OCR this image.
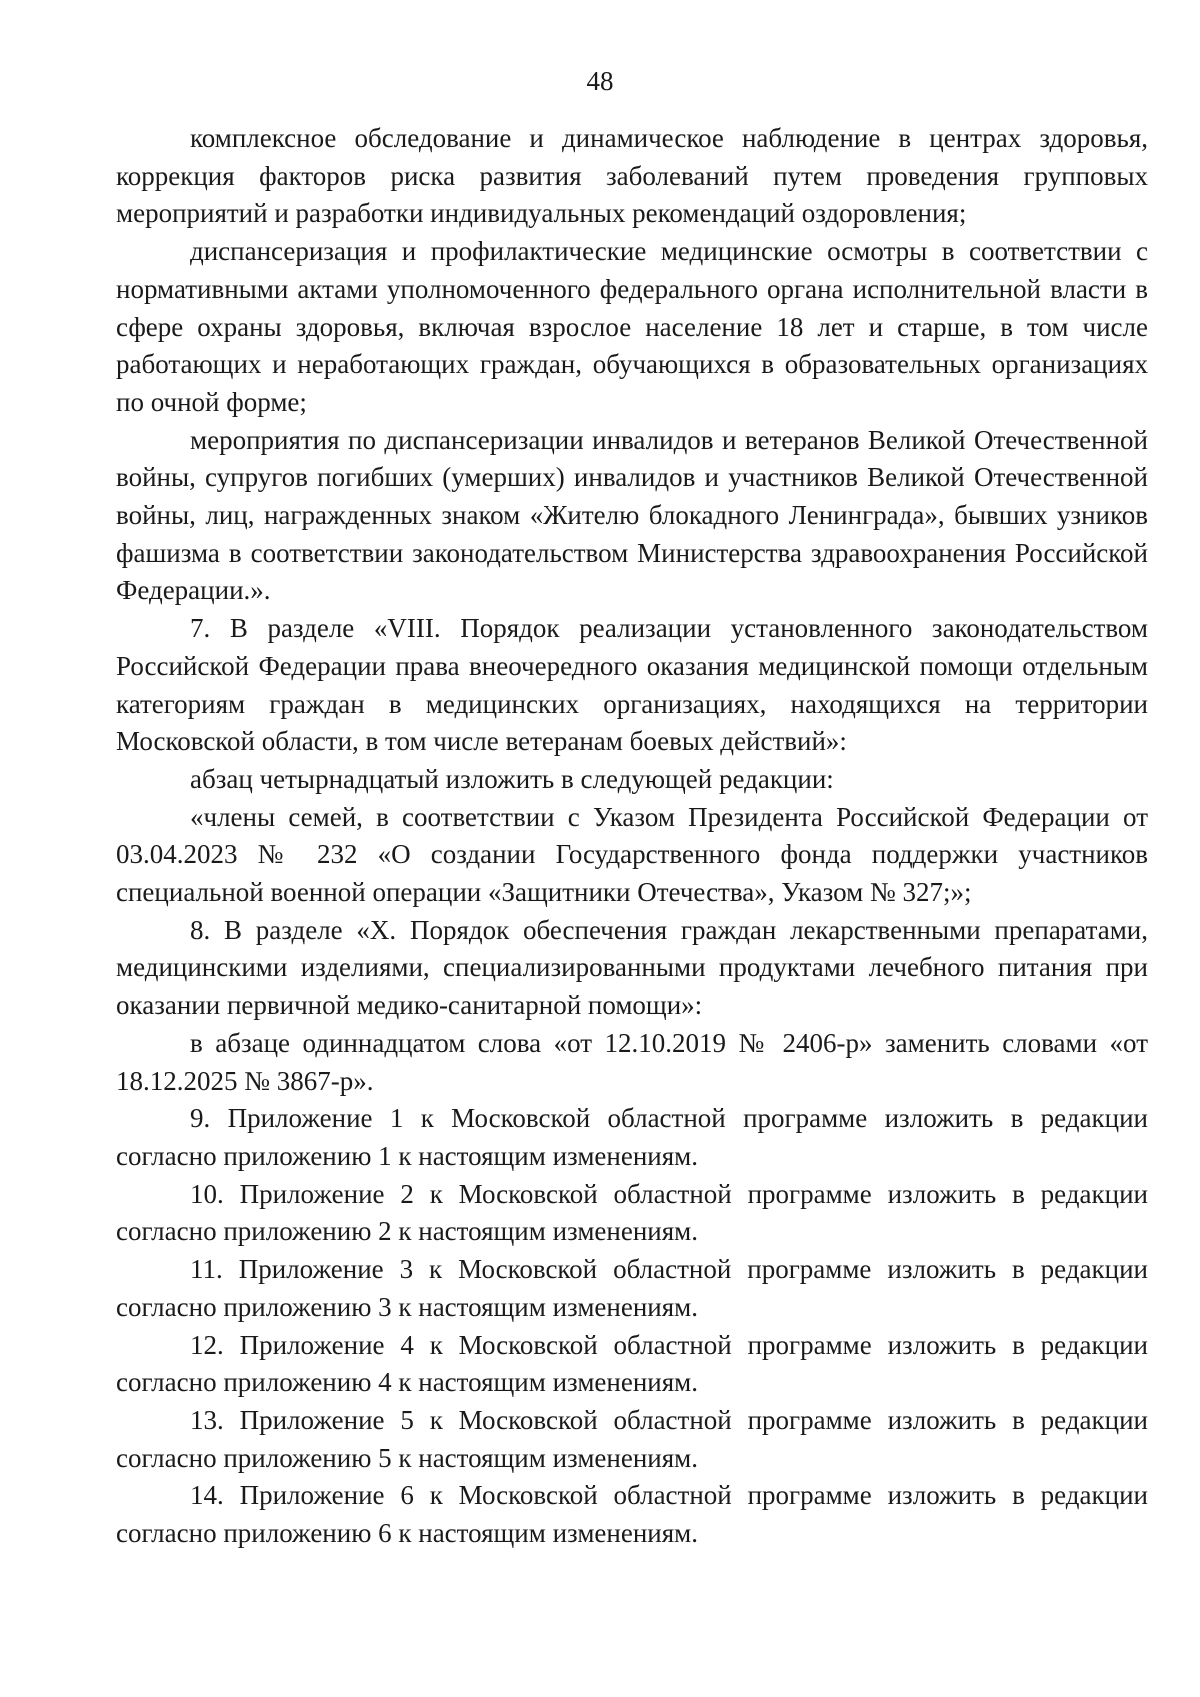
48

комплексное обследование и динамическое наблюдение в центрах здоровья, коррекция факторов риска развития заболеваний путем проведения групповых мероприятий и разработки индивидуальных рекомендаций оздоровления;

диспансеризация и профилактические медицинские осмотры в соответствии с нормативными актами уполномоченного федерального органа исполнительной власти в сфере охраны здоровья, включая взрослое население 18 лет и старше, в том числе работающих и неработающих граждан, обучающихся в образовательных организациях по очной форме;

мероприятия по диспансеризации инвалидов и ветеранов Великой Отечественной войны, супругов погибших (умерших) инвалидов и участников Великой Отечественной войны, лиц, награжденных знаком «Жителю блокадного Ленинграда», бывших узников фашизма в соответствии законодательством Министерства здравоохранения Российской Федерации.».

7. В разделе «VIII. Порядок реализации установленного законодательством Российской Федерации права внеочередного оказания медицинской помощи отдельным категориям граждан в медицинских организациях, находящихся на территории Московской области, в том числе ветеранам боевых действий»:

абзац четырнадцатый изложить в следующей редакции:

«члены семей, в соответствии с Указом Президента Российской Федерации от 03.04.2023 № 232 «О создании Государственного фонда поддержки участников специальной военной операции «Защитники Отечества», Указом № 327;»;

8. В разделе «X. Порядок обеспечения граждан лекарственными препаратами, медицинскими изделиями, специализированными продуктами лечебного питания при оказании первичной медико-санитарной помощи»:

в абзаце одиннадцатом слова «от 12.10.2019 № 2406-р» заменить словами «от 18.12.2025 № 3867-р».

9. Приложение 1 к Московской областной программе изложить в редакции согласно приложению 1 к настоящим изменениям.

10. Приложение 2 к Московской областной программе изложить в редакции согласно приложению 2 к настоящим изменениям.

11. Приложение 3 к Московской областной программе изложить в редакции согласно приложению 3 к настоящим изменениям.

12. Приложение 4 к Московской областной программе изложить в редакции согласно приложению 4 к настоящим изменениям.

13. Приложение 5 к Московской областной программе изложить в редакции согласно приложению 5 к настоящим изменениям.

14. Приложение 6 к Московской областной программе изложить в редакции согласно приложению 6 к настоящим изменениям.
